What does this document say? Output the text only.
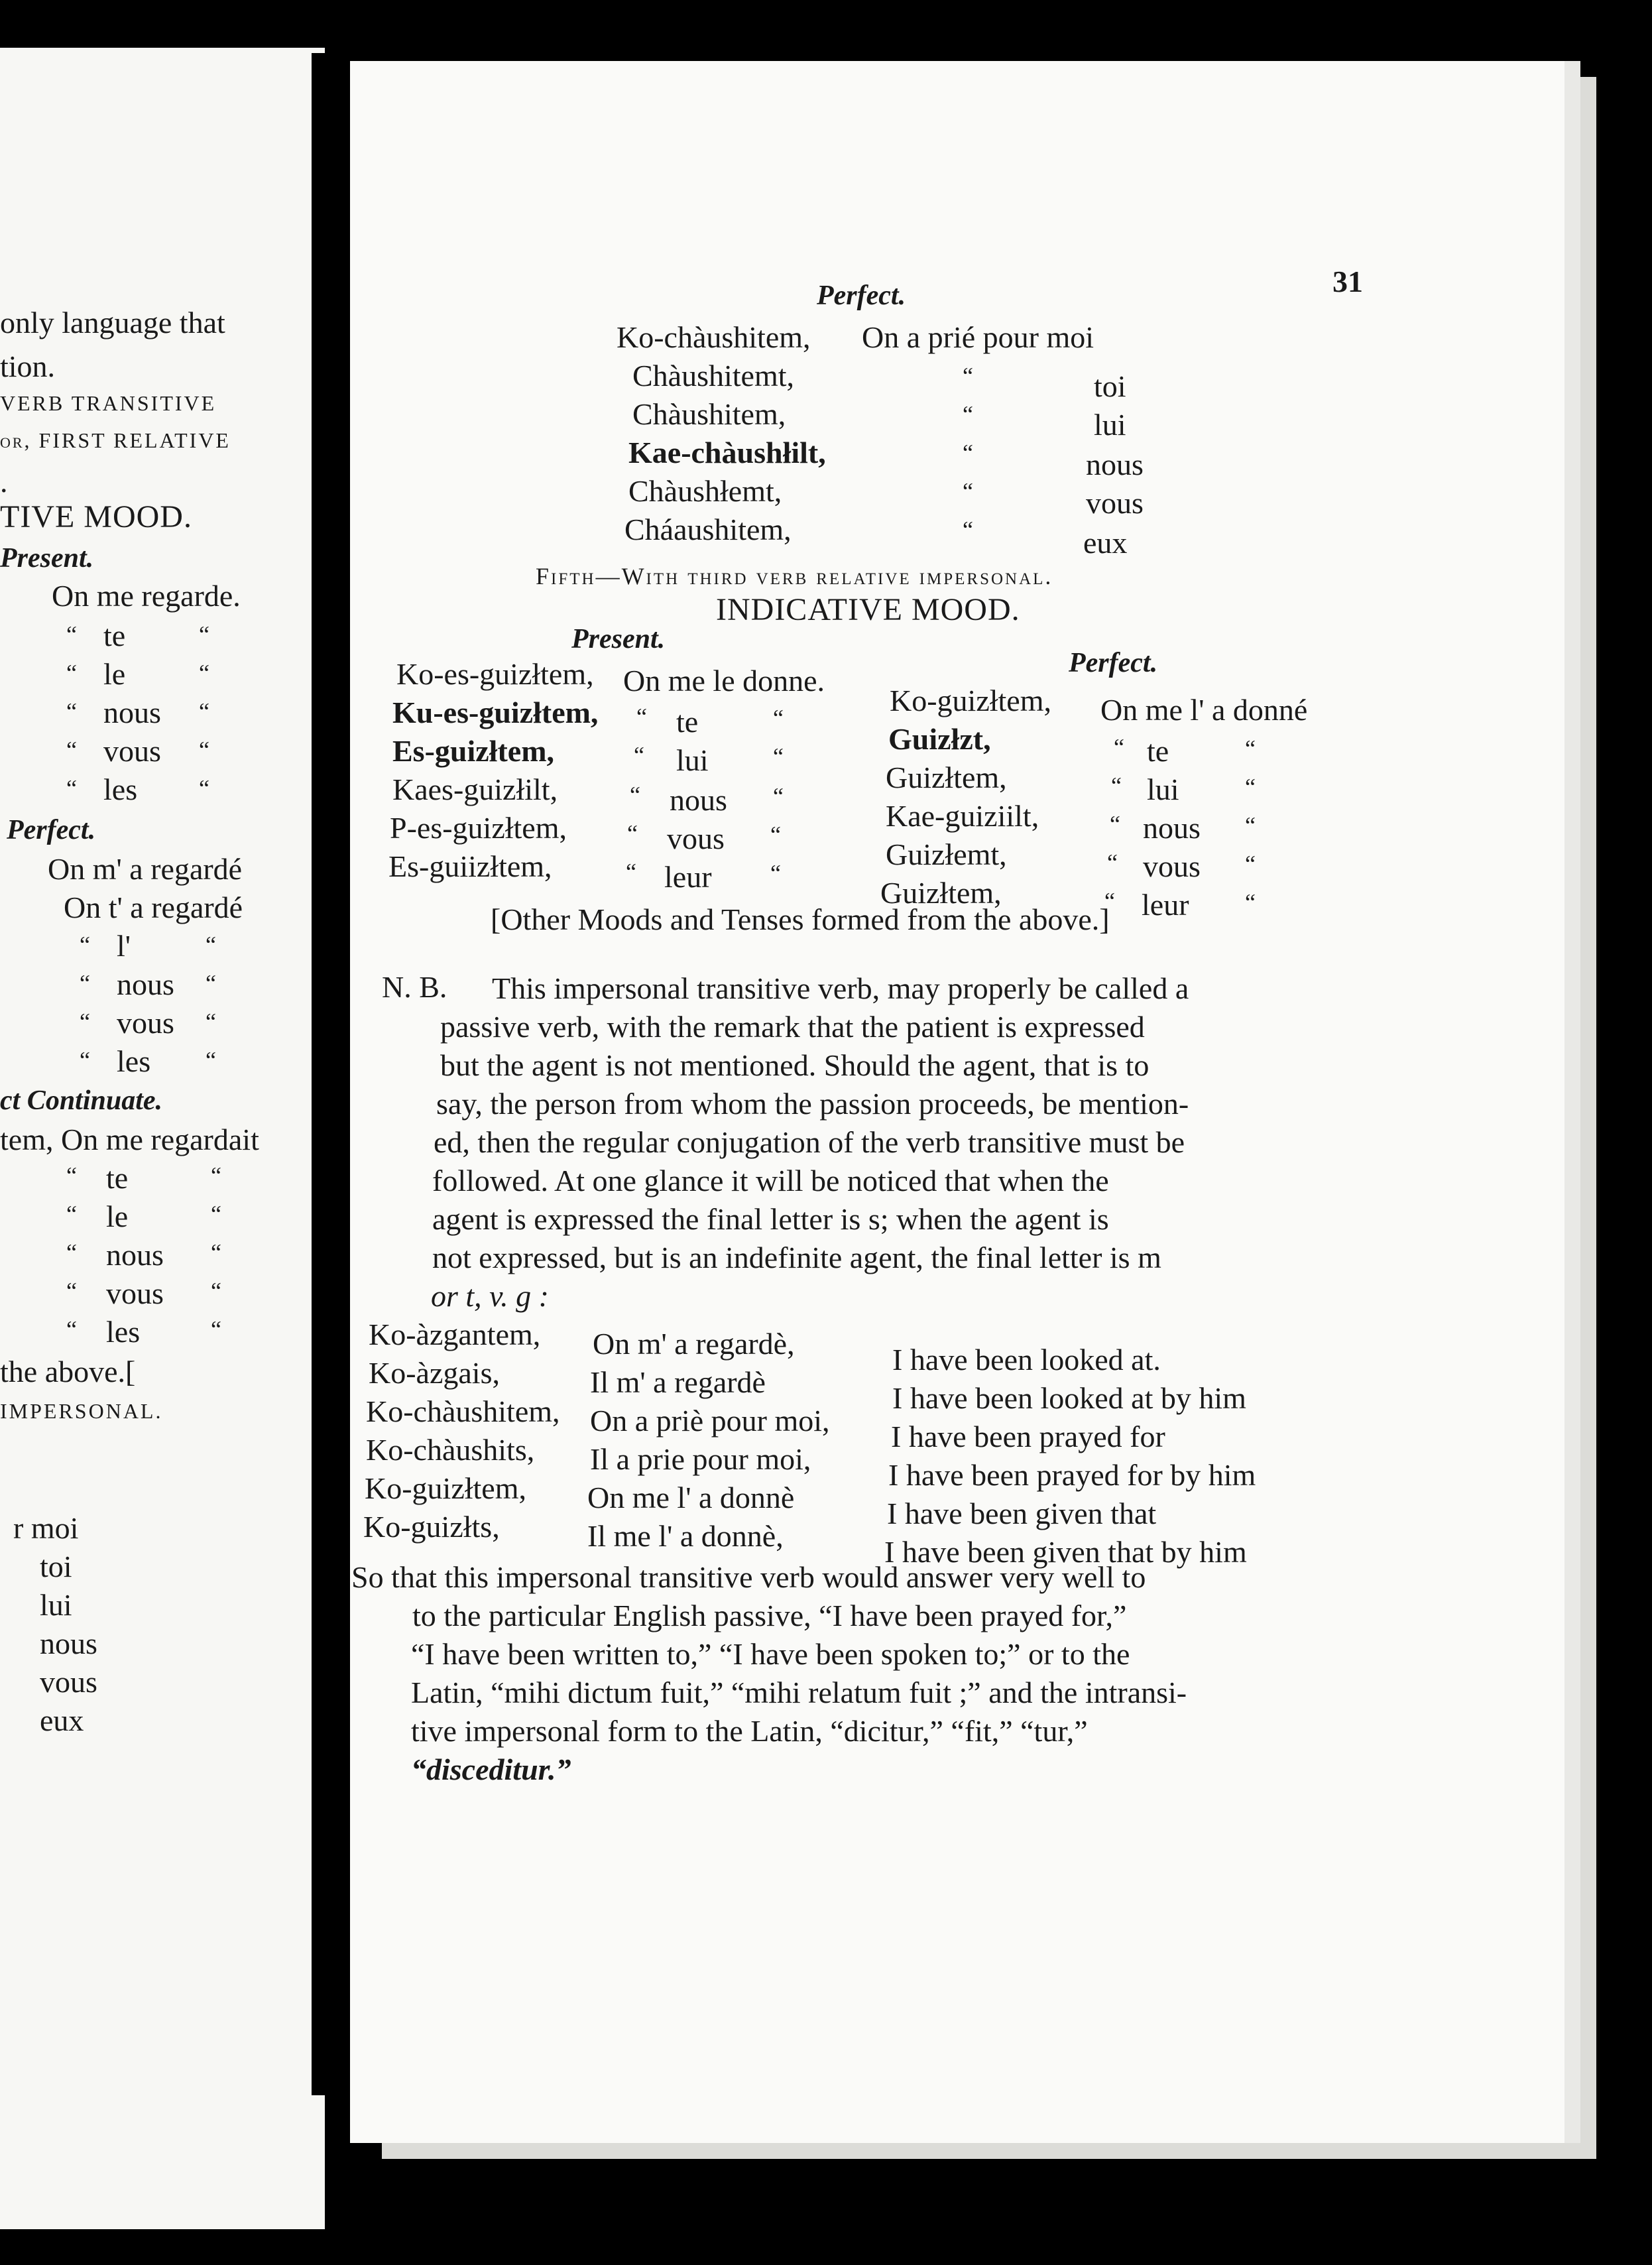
only language that
tion.
VERB TRANSITIVE
or, FIRST RELATIVE
.
TIVE MOOD.
Present.
On me regarde.
“ te	“
“ le	“
“ nous “
“ vous “
“ les	“
Perfect.
On m' a regardé
On t' a regardé
“ l'	“
“ nous “
“ vous “
“ les “
ct Continuate.
tem, On me regardait
“ te	“
“ le	“
“ nous “
“ vous “
“ les	“
the above.[
IMPERSONAL.
r moi
toi
lui
nous
vous
eux
31
Perfect.
Ko-chàushitem, On a prié pour moi
Chàushitemt,	“	toi
Chàushitem,	“	lui
Kae-chàushłilt,	“	nous
Chàushłemt,	“	vous
Cháaushitem,	“	eux
Fifth—With third verb relative impersonal.
INDICATIVE MOOD.
Present.
Perfect.
Ko-es-guizłtem, On me le donne.
Ku-es-guizłtem, “ te	“
Es-guizłtem,	“ lui	“
Kaes-guizłilt,	“ nous “
P-es-guizłtem,	“ vous “
Es-guiizłtem,	“ leur “
Ko-guizłtem, On me l' a donné
Guizłzt,	“ te	“
Guizłtem,	“ lui	“
Kae-guiziilt,	“ nous “
Guizłemt,	“ vous “
Guizłtem,	“ leur “
[Other Moods and Tenses formed from the above.]
N. B. This impersonal transitive verb, may properly be called a
passive verb, with the remark that the patient is expressed
but the agent is not mentioned. Should the agent, that is to
say, the person from whom the passion proceeds, be mention-
ed, then the regular conjugation of the verb transitive must be
followed. At one glance it will be noticed that when the
agent is expressed the final letter is s; when the agent is
not expressed, but is an indefinite agent, the final letter is m
or t, v. g :
Ko-àzgantem, On m' a regardè,	I have been looked at.
Ko-àzgais,	Il m' a regardè	I have been looked at by him
Ko-chàushitem, On a priè pour moi, I have been prayed for
Ko-chàushits, Il a prie pour moi,	I have been prayed for by him
Ko-guizłtem, On me l' a donnè	I have been given that
Ko-guizłts,	Il me l' a donnè,	I have been given that by him
So that this impersonal transitive verb would answer very well to
to the particular English passive, “I have been prayed for,”
“I have been written to,” “I have been spoken to;” or to the
Latin, “mihi dictum fuit,” “mihi relatum fuit ;” and the intransi-
tive impersonal form to the Latin, “dicitur,” “fit,” “tur,”
“disceditur.”
